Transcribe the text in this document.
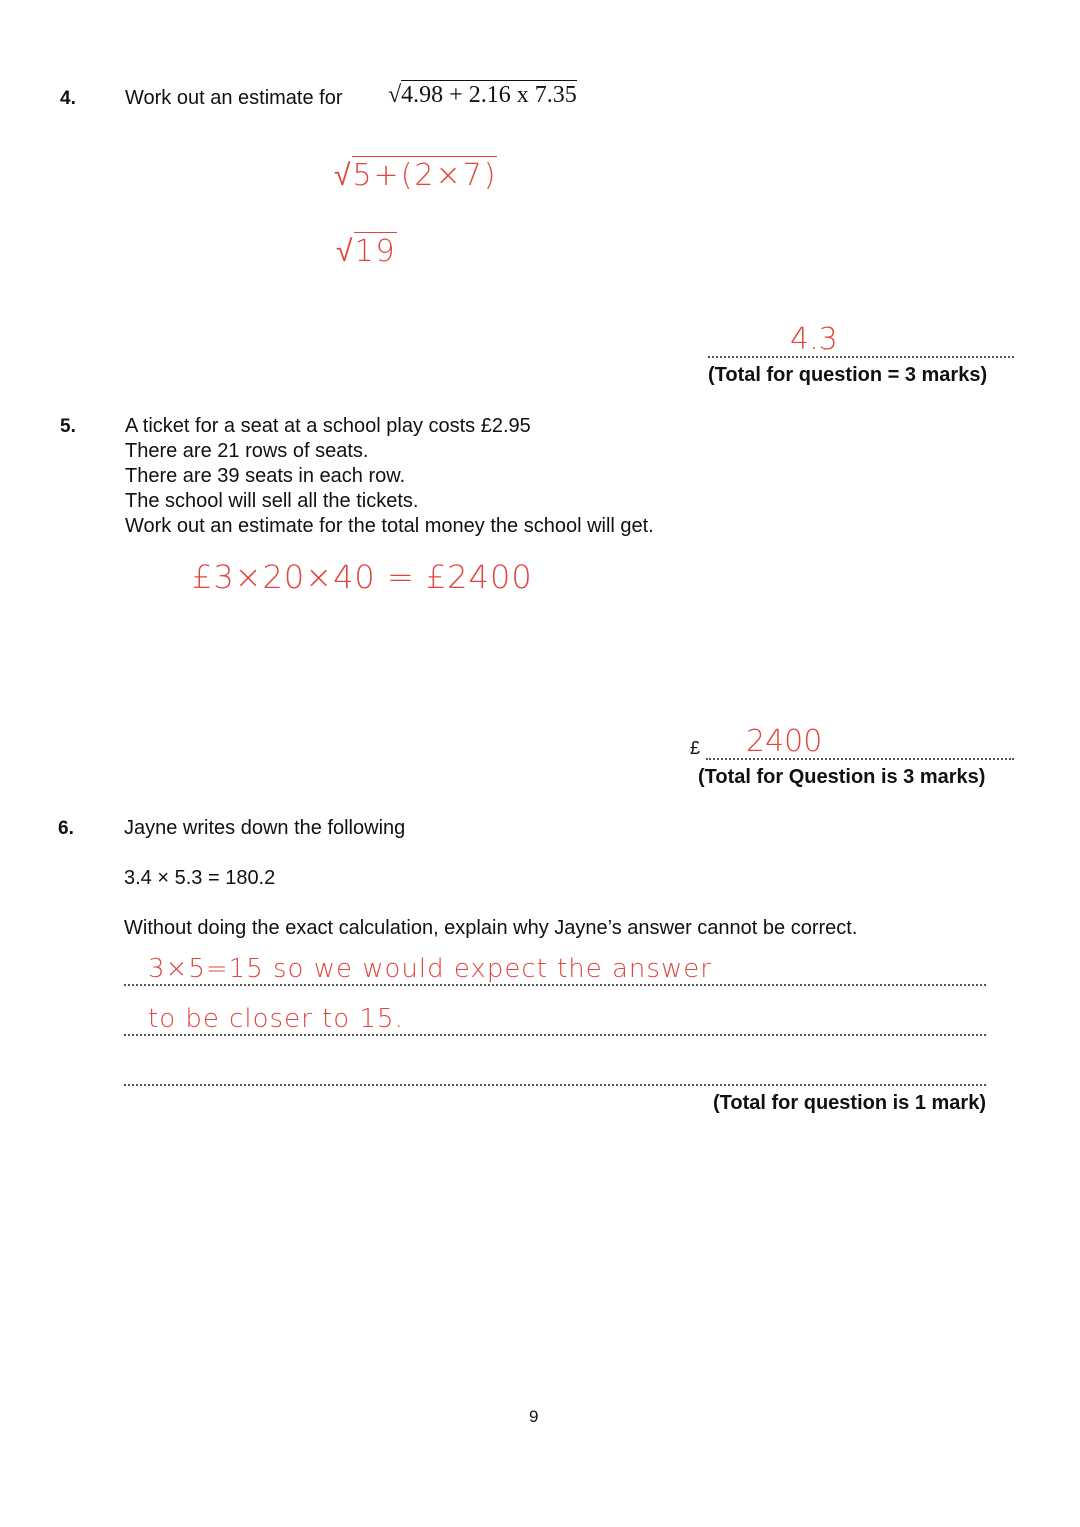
4. Work out an estimate for √4.98 + 2.16 x 7.35
√5+(2×7)
√19
4.3
(Total for question = 3 marks)
5. A ticket for a seat at a school play costs £2.95
There are 21 rows of seats.
There are 39 seats in each row.
The school will sell all the tickets.
Work out an estimate for the total money the school will get.
£3×20×40 = £2400
£ 2400
(Total for Question is 3 marks)
6.	Jayne writes down the following
3.4 × 5.3 = 180.2
Without doing the exact calculation, explain why Jayne’s answer cannot be correct.
3×5=15 so we would expect the answer
to be closer to 15.
(Total for question is 1 mark)
9
